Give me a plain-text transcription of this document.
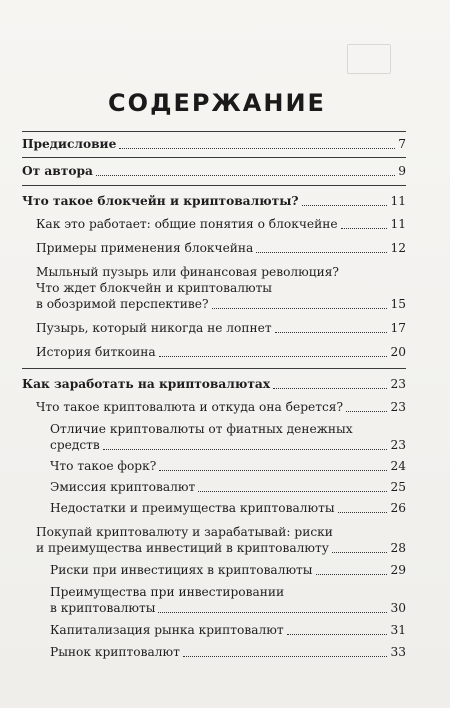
СОДЕРЖАНИЕ
Предисловие	7
От автора	9
Что такое блокчейн и криптовалюты?	11
Как это работает: общие понятия о блокчейне	11
Примеры применения блокчейна	12
Мыльный пузырь или финансовая революция?
Что ждет блокчейн и криптовалюты
в обозримой перспективе?	15
Пузырь, который никогда не лопнет	17
История биткоина	20
Как заработать на криптовалютах	23
Что такое криптовалюта и откуда она берется?	23
Отличие криптовалюты от фиатных денежных
средств	23
Что такое форк?	24
Эмиссия криптовалют	25
Недостатки и преимущества криптовалюты	26
Покупай криптовалюту и зарабатывай: риски
и преимущества инвестиций в криптовалюту	28
Риски при инвестициях в криптовалюты	29
Преимущества при инвестировании
в криптовалюты	30
Капитализация рынка криптовалют	31
Рынок криптовалют	33
